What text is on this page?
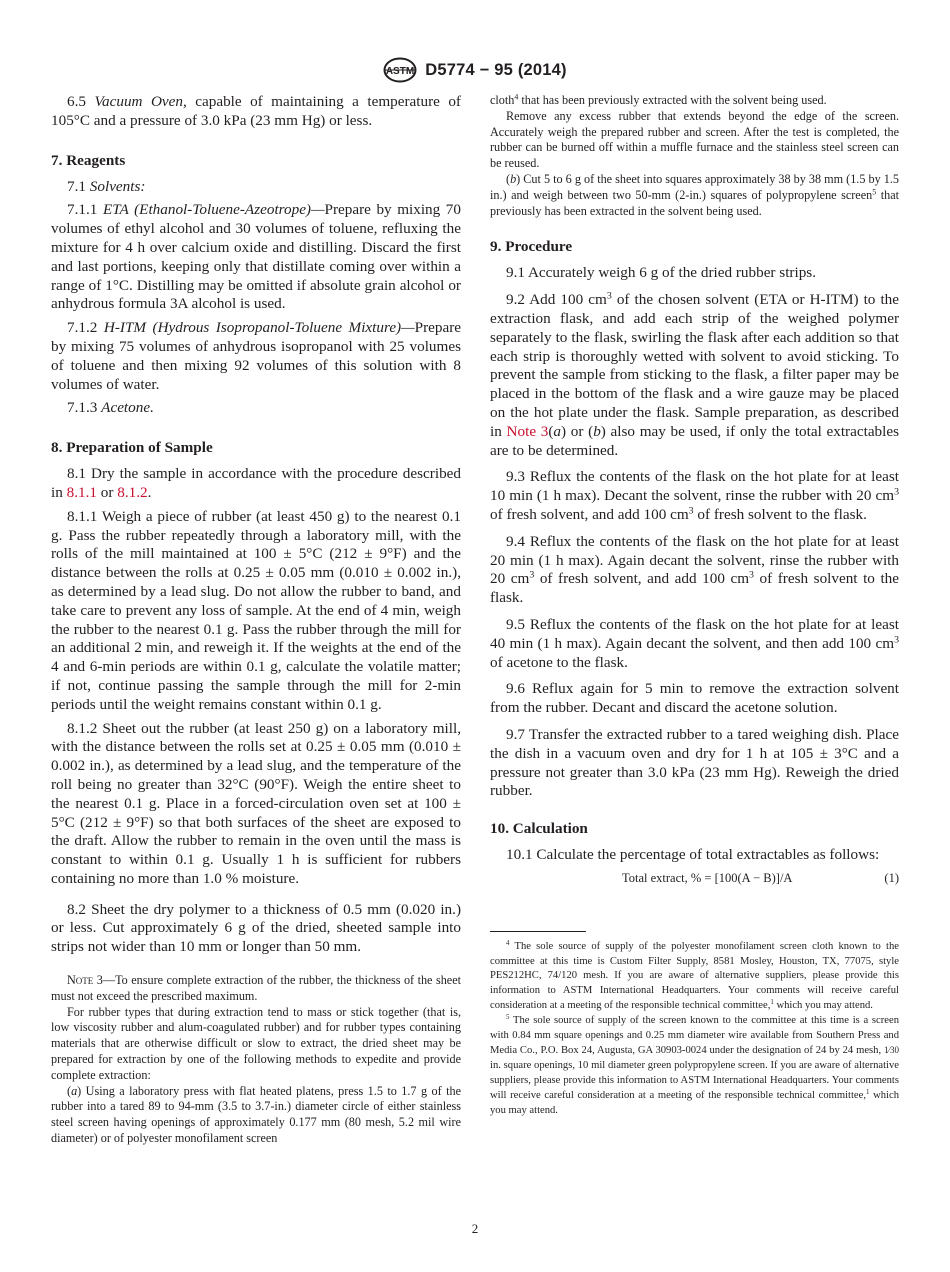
ASTM D5774 − 95 (2014)

6.5 Vacuum Oven, capable of maintaining a temperature of 105°C and a pressure of 3.0 kPa (23 mm Hg) or less.

7. Reagents

7.1 Solvents:

7.1.1 ETA (Ethanol-Toluene-Azeotrope)—Prepare by mixing 70 volumes of ethyl alcohol and 30 volumes of toluene, refluxing the mixture for 4 h over calcium oxide and distilling. Discard the first and last portions, keeping only that distillate coming over within a range of 1°C. Distilling may be omitted if absolute grain alcohol or anhydrous formula 3A alcohol is used.

7.1.2 H-ITM (Hydrous Isopropanol-Toluene Mixture)—Prepare by mixing 75 volumes of anhydrous isopropanol with 25 volumes of toluene and then mixing 92 volumes of this solution with 8 volumes of water.

7.1.3 Acetone.

8. Preparation of Sample

8.1 Dry the sample in accordance with the procedure described in 8.1.1 or 8.1.2.

8.1.1 Weigh a piece of rubber (at least 450 g) to the nearest 0.1 g. Pass the rubber repeatedly through a laboratory mill, with the rolls of the mill maintained at 100 ± 5°C (212 ± 9°F) and the distance between the rolls at 0.25 ± 0.05 mm (0.010 ± 0.002 in.), as determined by a lead slug. Do not allow the rubber to band, and take care to prevent any loss of sample. At the end of 4 min, weigh the rubber to the nearest 0.1 g. Pass the rubber through the mill for an additional 2 min, and reweigh it. If the weights at the end of the 4 and 6-min periods are within 0.1 g, calculate the volatile matter; if not, continue passing the sample through the mill for 2-min periods until the weight remains constant within 0.1 g.

8.1.2 Sheet out the rubber (at least 250 g) on a laboratory mill, with the distance between the rolls set at 0.25 ± 0.05 mm (0.010 ± 0.002 in.), as determined by a lead slug, and the temperature of the roll being no greater than 32°C (90°F). Weigh the entire sheet to the nearest 0.1 g. Place in a forced-circulation oven set at 100 ± 5°C (212 ± 9°F) so that both surfaces of the sheet are exposed to the draft. Allow the rubber to remain in the oven until the mass is constant to within 0.1 g. Usually 1 h is sufficient for rubbers containing no more than 1.0 % moisture.

8.2 Sheet the dry polymer to a thickness of 0.5 mm (0.020 in.) or less. Cut approximately 6 g of the dried, sheeted sample into strips not wider than 10 mm or longer than 50 mm.

Note 3—To ensure complete extraction of the rubber, the thickness of the sheet must not exceed the prescribed maximum.

For rubber types that during extraction tend to mass or stick together (that is, low viscosity rubber and alum-coagulated rubber) and for rubber types containing materials that are otherwise difficult or slow to extract, the dried sheet may be prepared for extraction by one of the following methods to expedite and provide complete extraction:

(a) Using a laboratory press with flat heated platens, press 1.5 to 1.7 g of the rubber into a tared 89 to 94-mm (3.5 to 3.7-in.) diameter circle of either stainless steel screen having openings of approximately 0.177 mm (80 mesh, 5.2 mil wire diameter) or of polyester monofilament screen

cloth$^4$ that has been previously extracted with the solvent being used.

Remove any excess rubber that extends beyond the edge of the screen. Accurately weigh the prepared rubber and screen. After the test is completed, the rubber can be burned off within a muffle furnace and the stainless steel screen can be reused.

(b) Cut 5 to 6 g of the sheet into squares approximately 38 by 38 mm (1.5 by 1.5 in.) and weigh between two 50-mm (2-in.) squares of polypropylene screen$^5$ that previously has been extracted in the solvent being used.

9. Procedure

9.1 Accurately weigh 6 g of the dried rubber strips.

9.2 Add 100 $cm^3$ of the chosen solvent (ETA or H-ITM) to the extraction flask, and add each strip of the weighed polymer separately to the flask, swirling the flask after each addition so that each strip is thoroughly wetted with solvent to avoid sticking. To prevent the sample from sticking to the flask, a filter paper may be placed in the bottom of the flask and a wire gauze may be placed on the hot plate under the flask. Sample preparation, as described in Note 3(a) or (b) also may be used, if only the total extractables are to be determined.

9.3 Reflux the contents of the flask on the hot plate for at least 10 min (1 h max). Decant the solvent, rinse the rubber with 20 $cm^3$ of fresh solvent, and add 100 $cm^3$ of fresh solvent to the flask.

9.4 Reflux the contents of the flask on the hot plate for at least 20 min (1 h max). Again decant the solvent, rinse the rubber with 20 $cm^3$ of fresh solvent, and add 100 $cm^3$ of fresh solvent to the flask.

9.5 Reflux the contents of the flask on the hot plate for at least 40 min (1 h max). Again decant the solvent, and then add 100 $cm^3$ of acetone to the flask.

9.6 Reflux again for 5 min to remove the extraction solvent from the rubber. Decant and discard the acetone solution.

9.7 Transfer the extracted rubber to a tared weighing dish. Place the dish in a vacuum oven and dry for 1 h at 105 ± 3°C and a pressure not greater than 3.0 kPa (23 mm Hg). Reweigh the dried rubber.

10. Calculation

10.1 Calculate the percentage of total extractables as follows:

Total extract, % = [100(A − B)]/A	(1)

$^4$ The sole source of supply of the polyester monofilament screen cloth known to the committee at this time is Custom Filter Supply, 8581 Mosley, Houston, TX, 77075, style PES212HC, 74/120 mesh. If you are aware of alternative suppliers, please provide this information to ASTM International Headquarters. Your comments will receive careful consideration at a meeting of the responsible technical committee,$^1$ which you may attend.

$^5$ The sole source of supply of the screen known to the committee at this time is a screen with 0.84 mm square openings and 0.25 mm diameter wire available from Southern Press and Media Co., P.O. Box 24, Augusta, GA 30903-0024 under the designation of 24 by 24 mesh, 1⁄30 in. square openings, 10 mil diameter green polypropylene screen. If you are aware of alternative suppliers, please provide this information to ASTM International Headquarters. Your comments will receive careful consideration at a meeting of the responsible technical committee,$^1$ which you may attend.

2
